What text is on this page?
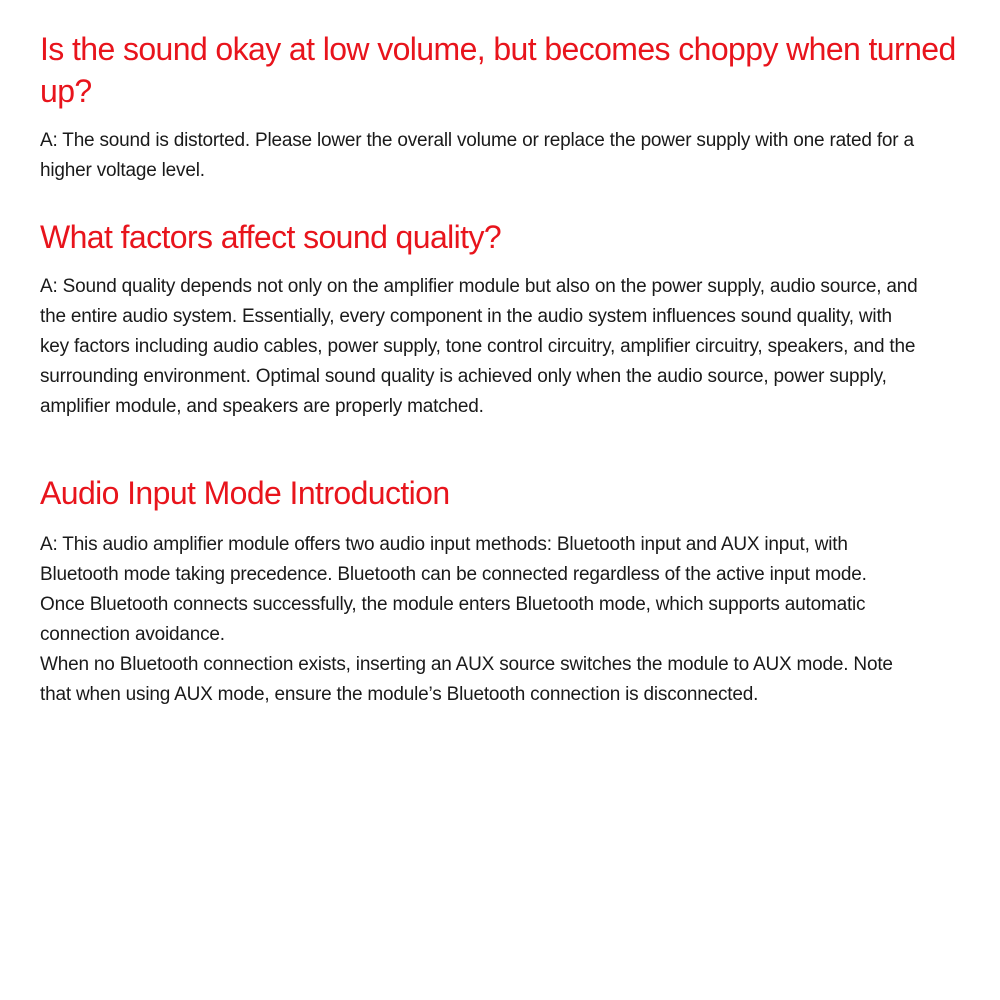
Is the sound okay at low volume, but becomes choppy when turned up?

A: The sound is distorted. Please lower the overall volume or replace the power supply with one rated for a higher voltage level.

What factors affect sound quality?

A: Sound quality depends not only on the amplifier module but also on the power supply, audio source, and the entire audio system. Essentially, every component in the audio system influences sound quality, with key factors including audio cables, power supply, tone control circuitry, amplifier circuitry, speakers, and the surrounding environment. Optimal sound quality is achieved only when the audio source, power supply, amplifier module, and speakers are properly matched.

Audio Input Mode Introduction
A: This audio amplifier module offers two audio input methods: Bluetooth input and AUX input, with Bluetooth mode taking precedence. Bluetooth can be connected regardless of the active input mode.
Once Bluetooth connects successfully, the module enters Bluetooth mode, which supports automatic connection avoidance.
When no Bluetooth connection exists, inserting an AUX source switches the module to AUX mode. Note that when using AUX mode, ensure the module’s Bluetooth connection is disconnected.
